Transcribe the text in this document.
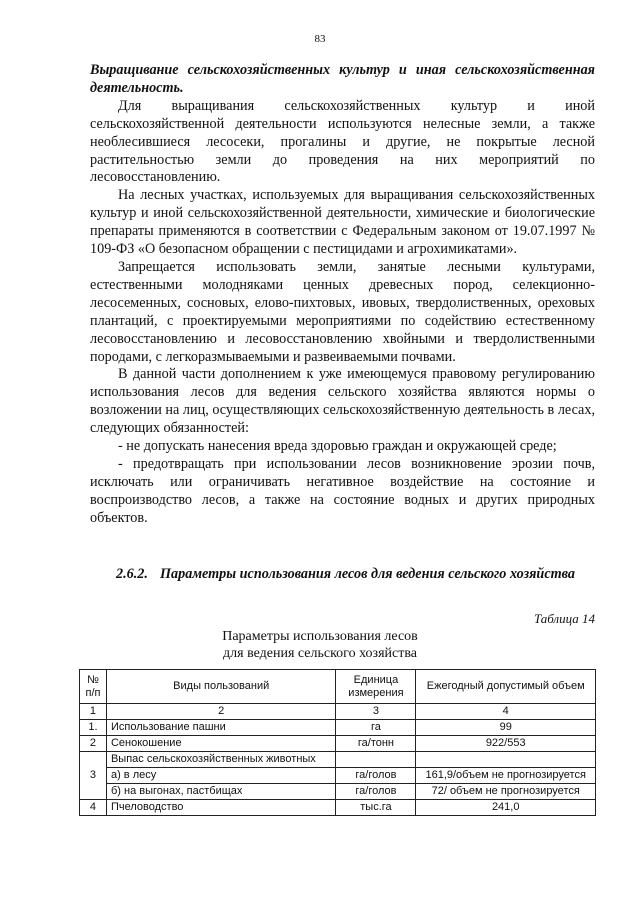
83

Выращивание сельскохозяйственных культур и иная сельскохозяйственная деятельность.

Для выращивания сельскохозяйственных культур и иной сельскохозяйственной деятельности используются нелесные земли, а также необлесившиеся лесосеки, прогалины и другие, не покрытые лесной растительностью земли до проведения на них мероприятий по лесовосстановлению.

На лесных участках, используемых для выращивания сельскохозяйственных культур и иной сельскохозяйственной деятельности, химические и биологические препараты применяются в соответствии с Федеральным законом от 19.07.1997 № 109-ФЗ «О безопасном обращении с пестицидами и агрохимикатами».

Запрещается использовать земли, занятые лесными культурами, естественными молодняками ценных древесных пород, селекционно-лесосеменных, сосновых, елово-пихтовых, ивовых, твердолиственных, ореховых плантаций, с проектируемыми мероприятиями по содействию естественному лесовосстановлению и лесовосстановлению хвойными и твердолиственными породами, с легкоразмываемыми и развеиваемыми почвами.

В данной части дополнением к уже имеющемуся правовому регулированию использования лесов для ведения сельского хозяйства являются нормы о возложении на лиц, осуществляющих сельскохозяйственную деятельность в лесах, следующих обязанностей:

- не допускать нанесения вреда здоровью граждан и окружающей среде;

- предотвращать при использовании лесов возникновение эрозии почв, исключать или ограничивать негативное воздействие на состояние и воспроизводство лесов, а также на состояние водных и других природных объектов.

2.6.2. Параметры использования лесов для ведения сельского хозяйства
Таблица 14
Параметры использования лесов
для ведения сельского хозяйства
№ п/п	Виды пользований	Единица измерения	Ежегодный допустимый объем
1	2	3	4
1.	Использование пашни	га	99
2	Сенокошение	га/тонн	922/553
3	Выпас сельскохозяйственных животных		
	а) в лесу	га/голов	161,9/объем не прогнозируется
	б) на выгонах, пастбищах	га/голов	72/ объем не прогнозируется
4	Пчеловодство	тыс.га	241,0
